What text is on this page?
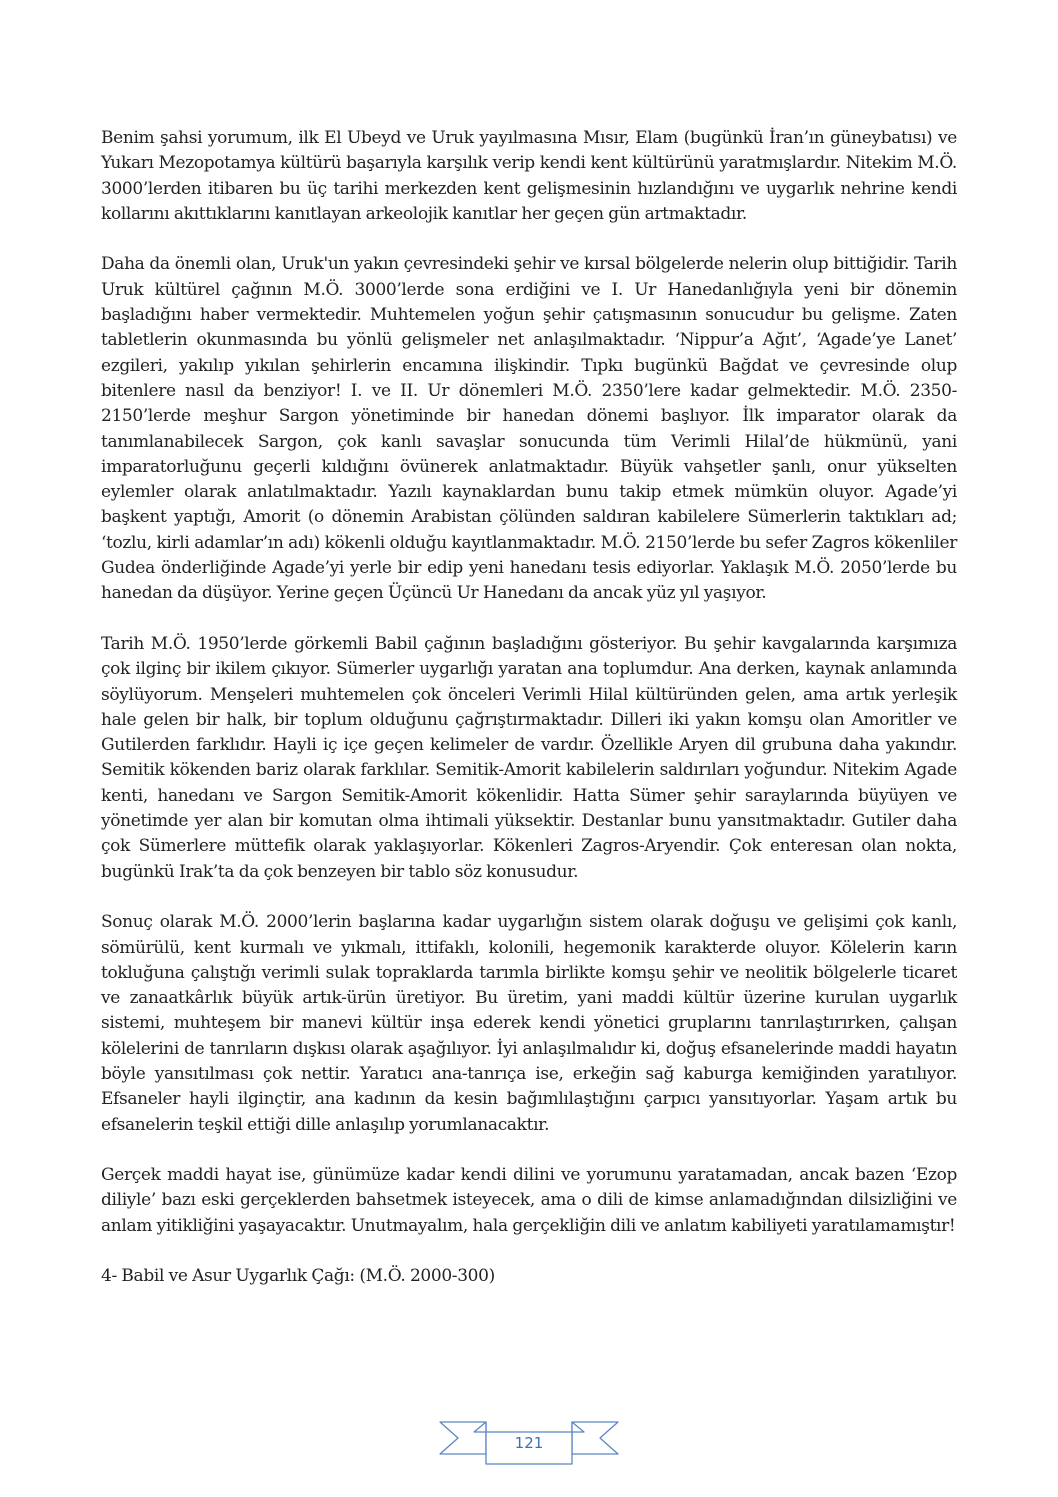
Benim şahsi yorumum, ilk El Ubeyd ve Uruk yayılmasına Mısır, Elam (bugünkü İran’ın güneybatısı) ve Yukarı Mezopotamya kültürü başarıyla karşılık verip kendi kent kültürünü yaratmışlardır. Nitekim M.Ö. 3000’lerden itibaren bu üç tarihi merkezden kent gelişmesinin hızlandığını ve uygarlık nehrine kendi kollarını akıttıklarını kanıtlayan arkeolojik kanıtlar her geçen gün artmaktadır.

Daha da önemli olan, Uruk'un yakın çevresindeki şehir ve kırsal bölgelerde nelerin olup bittiğidir. Tarih Uruk kültürel çağının M.Ö. 3000’lerde sona erdiğini ve I. Ur Hanedanlığıyla yeni bir dönemin başladığını haber vermektedir. Muhtemelen yoğun şehir çatışmasının sonucudur bu gelişme. Zaten tabletlerin okunmasında bu yönlü gelişmeler net anlaşılmaktadır. ‘Nippur’a Ağıt’, ‘Agade’ye Lanet’ ezgileri, yakılıp yıkılan şehirlerin encamına ilişkindir. Tıpkı bugünkü Bağdat ve çevresinde olup bitenlere nasıl da benziyor! I. ve II. Ur dönemleri M.Ö. 2350’lere kadar gelmektedir. M.Ö. 2350-2150’lerde meşhur Sargon yönetiminde bir hanedan dönemi başlıyor. İlk imparator olarak da tanımlanabilecek Sargon, çok kanlı savaşlar sonucunda tüm Verimli Hilal’de hükmünü, yani imparatorluğunu geçerli kıldığını övünerek anlatmaktadır. Büyük vahşetler şanlı, onur yükselten eylemler olarak anlatılmaktadır. Yazılı kaynaklardan bunu takip etmek mümkün oluyor. Agade’yi başkent yaptığı, Amorit (o dönemin Arabistan çölünden saldıran kabilelere Sümerlerin taktıkları ad; ‘tozlu, kirli adamlar’ın adı) kökenli olduğu kayıtlanmaktadır. M.Ö. 2150’lerde bu sefer Zagros kökenliler Gudea önderliğinde Agade’yi yerle bir edip yeni hanedanı tesis ediyorlar. Yaklaşık M.Ö. 2050’lerde bu hanedan da düşüyor. Yerine geçen Üçüncü Ur Hanedanı da ancak yüz yıl yaşıyor.

Tarih M.Ö. 1950’lerde görkemli Babil çağının başladığını gösteriyor. Bu şehir kavgalarında karşımıza çok ilginç bir ikilem çıkıyor. Sümerler uygarlığı yaratan ana toplumdur. Ana derken, kaynak anlamında söylüyorum. Menşeleri muhtemelen çok önceleri Verimli Hilal kültüründen gelen, ama artık yerleşik hale gelen bir halk, bir toplum olduğunu çağrıştırmaktadır. Dilleri iki yakın komşu olan Amoritler ve Gutilerden farklıdır. Hayli iç içe geçen kelimeler de vardır. Özellikle Aryen dil grubuna daha yakındır. Semitik kökenden bariz olarak farklılar. Semitik-Amorit kabilelerin saldırıları yoğundur. Nitekim Agade kenti, hanedanı ve Sargon Semitik-Amorit kökenlidir. Hatta Sümer şehir saraylarında büyüyen ve yönetimde yer alan bir komutan olma ihtimali yüksektir. Destanlar bunu yansıtmaktadır. Gutiler daha çok Sümerlere müttefik olarak yaklaşıyorlar. Kökenleri Zagros-Aryendir. Çok enteresan olan nokta, bugünkü Irak’ta da çok benzeyen bir tablo söz konusudur.

Sonuç olarak M.Ö. 2000’lerin başlarına kadar uygarlığın sistem olarak doğuşu ve gelişimi çok kanlı, sömürülü, kent kurmalı ve yıkmalı, ittifaklı, kolonili, hegemonik karakterde oluyor. Kölelerin karın tokluğuna çalıştığı verimli sulak topraklarda tarımla birlikte komşu şehir ve neolitik bölgelerle ticaret ve zanaatkârlık büyük artık-ürün üretiyor. Bu üretim, yani maddi kültür üzerine kurulan uygarlık sistemi, muhteşem bir manevi kültür inşa ederek kendi yönetici gruplarını tanrılaştırırken, çalışan kölelerini de tanrıların dışkısı olarak aşağılıyor. İyi anlaşılmalıdır ki, doğuş efsanelerinde maddi hayatın böyle yansıtılması çok nettir. Yaratıcı ana-tanrıça ise, erkeğin sağ kaburga kemiğinden yaratılıyor. Efsaneler hayli ilginçtir, ana kadının da kesin bağımlılaştığını çarpıcı yansıtıyorlar. Yaşam artık bu efsanelerin teşkil ettiği dille anlaşılıp yorumlanacaktır.

Gerçek maddi hayat ise, günümüze kadar kendi dilini ve yorumunu yaratamadan, ancak bazen ‘Ezop diliyle’ bazı eski gerçeklerden bahsetmek isteyecek, ama o dili de kimse anlamadığından dilsizliğini ve anlam yitikliğini yaşayacaktır. Unutmayalım, hala gerçekliğin dili ve anlatım kabiliyeti yaratılamamıştır!

4- Babil ve Asur Uygarlık Çağı: (M.Ö. 2000-300)

121
